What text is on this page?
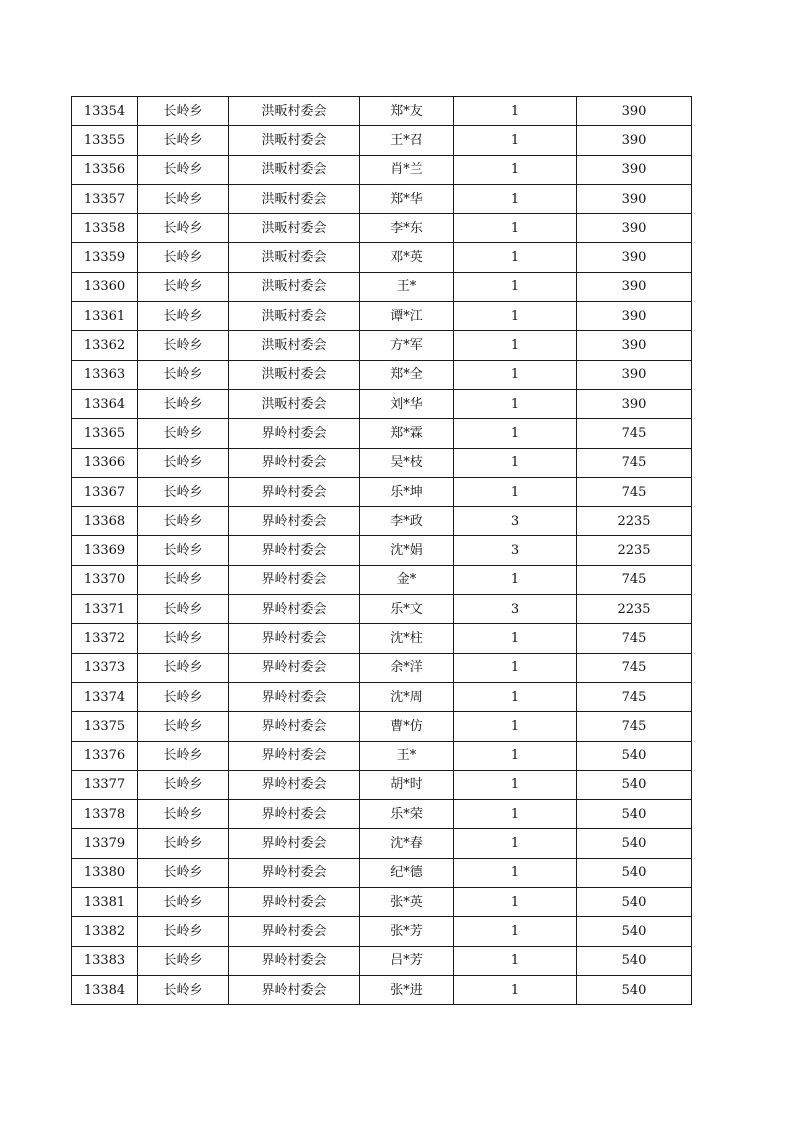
13354	长岭乡	洪畈村委会	郑*友	1	390
13355	长岭乡	洪畈村委会	王*召	1	390
13356	长岭乡	洪畈村委会	肖*兰	1	390
13357	长岭乡	洪畈村委会	郑*华	1	390
13358	长岭乡	洪畈村委会	李*东	1	390
13359	长岭乡	洪畈村委会	邓*英	1	390
13360	长岭乡	洪畈村委会	王*	1	390
13361	长岭乡	洪畈村委会	谭*江	1	390
13362	长岭乡	洪畈村委会	方*军	1	390
13363	长岭乡	洪畈村委会	郑*全	1	390
13364	长岭乡	洪畈村委会	刘*华	1	390
13365	长岭乡	界岭村委会	郑*霖	1	745
13366	长岭乡	界岭村委会	吴*枝	1	745
13367	长岭乡	界岭村委会	乐*坤	1	745
13368	长岭乡	界岭村委会	李*政	3	2235
13369	长岭乡	界岭村委会	沈*娟	3	2235
13370	长岭乡	界岭村委会	金*	1	745
13371	长岭乡	界岭村委会	乐*文	3	2235
13372	长岭乡	界岭村委会	沈*柱	1	745
13373	长岭乡	界岭村委会	余*洋	1	745
13374	长岭乡	界岭村委会	沈*周	1	745
13375	长岭乡	界岭村委会	曹*仿	1	745
13376	长岭乡	界岭村委会	王*	1	540
13377	长岭乡	界岭村委会	胡*时	1	540
13378	长岭乡	界岭村委会	乐*荣	1	540
13379	长岭乡	界岭村委会	沈*春	1	540
13380	长岭乡	界岭村委会	纪*德	1	540
13381	长岭乡	界岭村委会	张*英	1	540
13382	长岭乡	界岭村委会	张*芳	1	540
13383	长岭乡	界岭村委会	吕*芳	1	540
13384	长岭乡	界岭村委会	张*进	1	540
